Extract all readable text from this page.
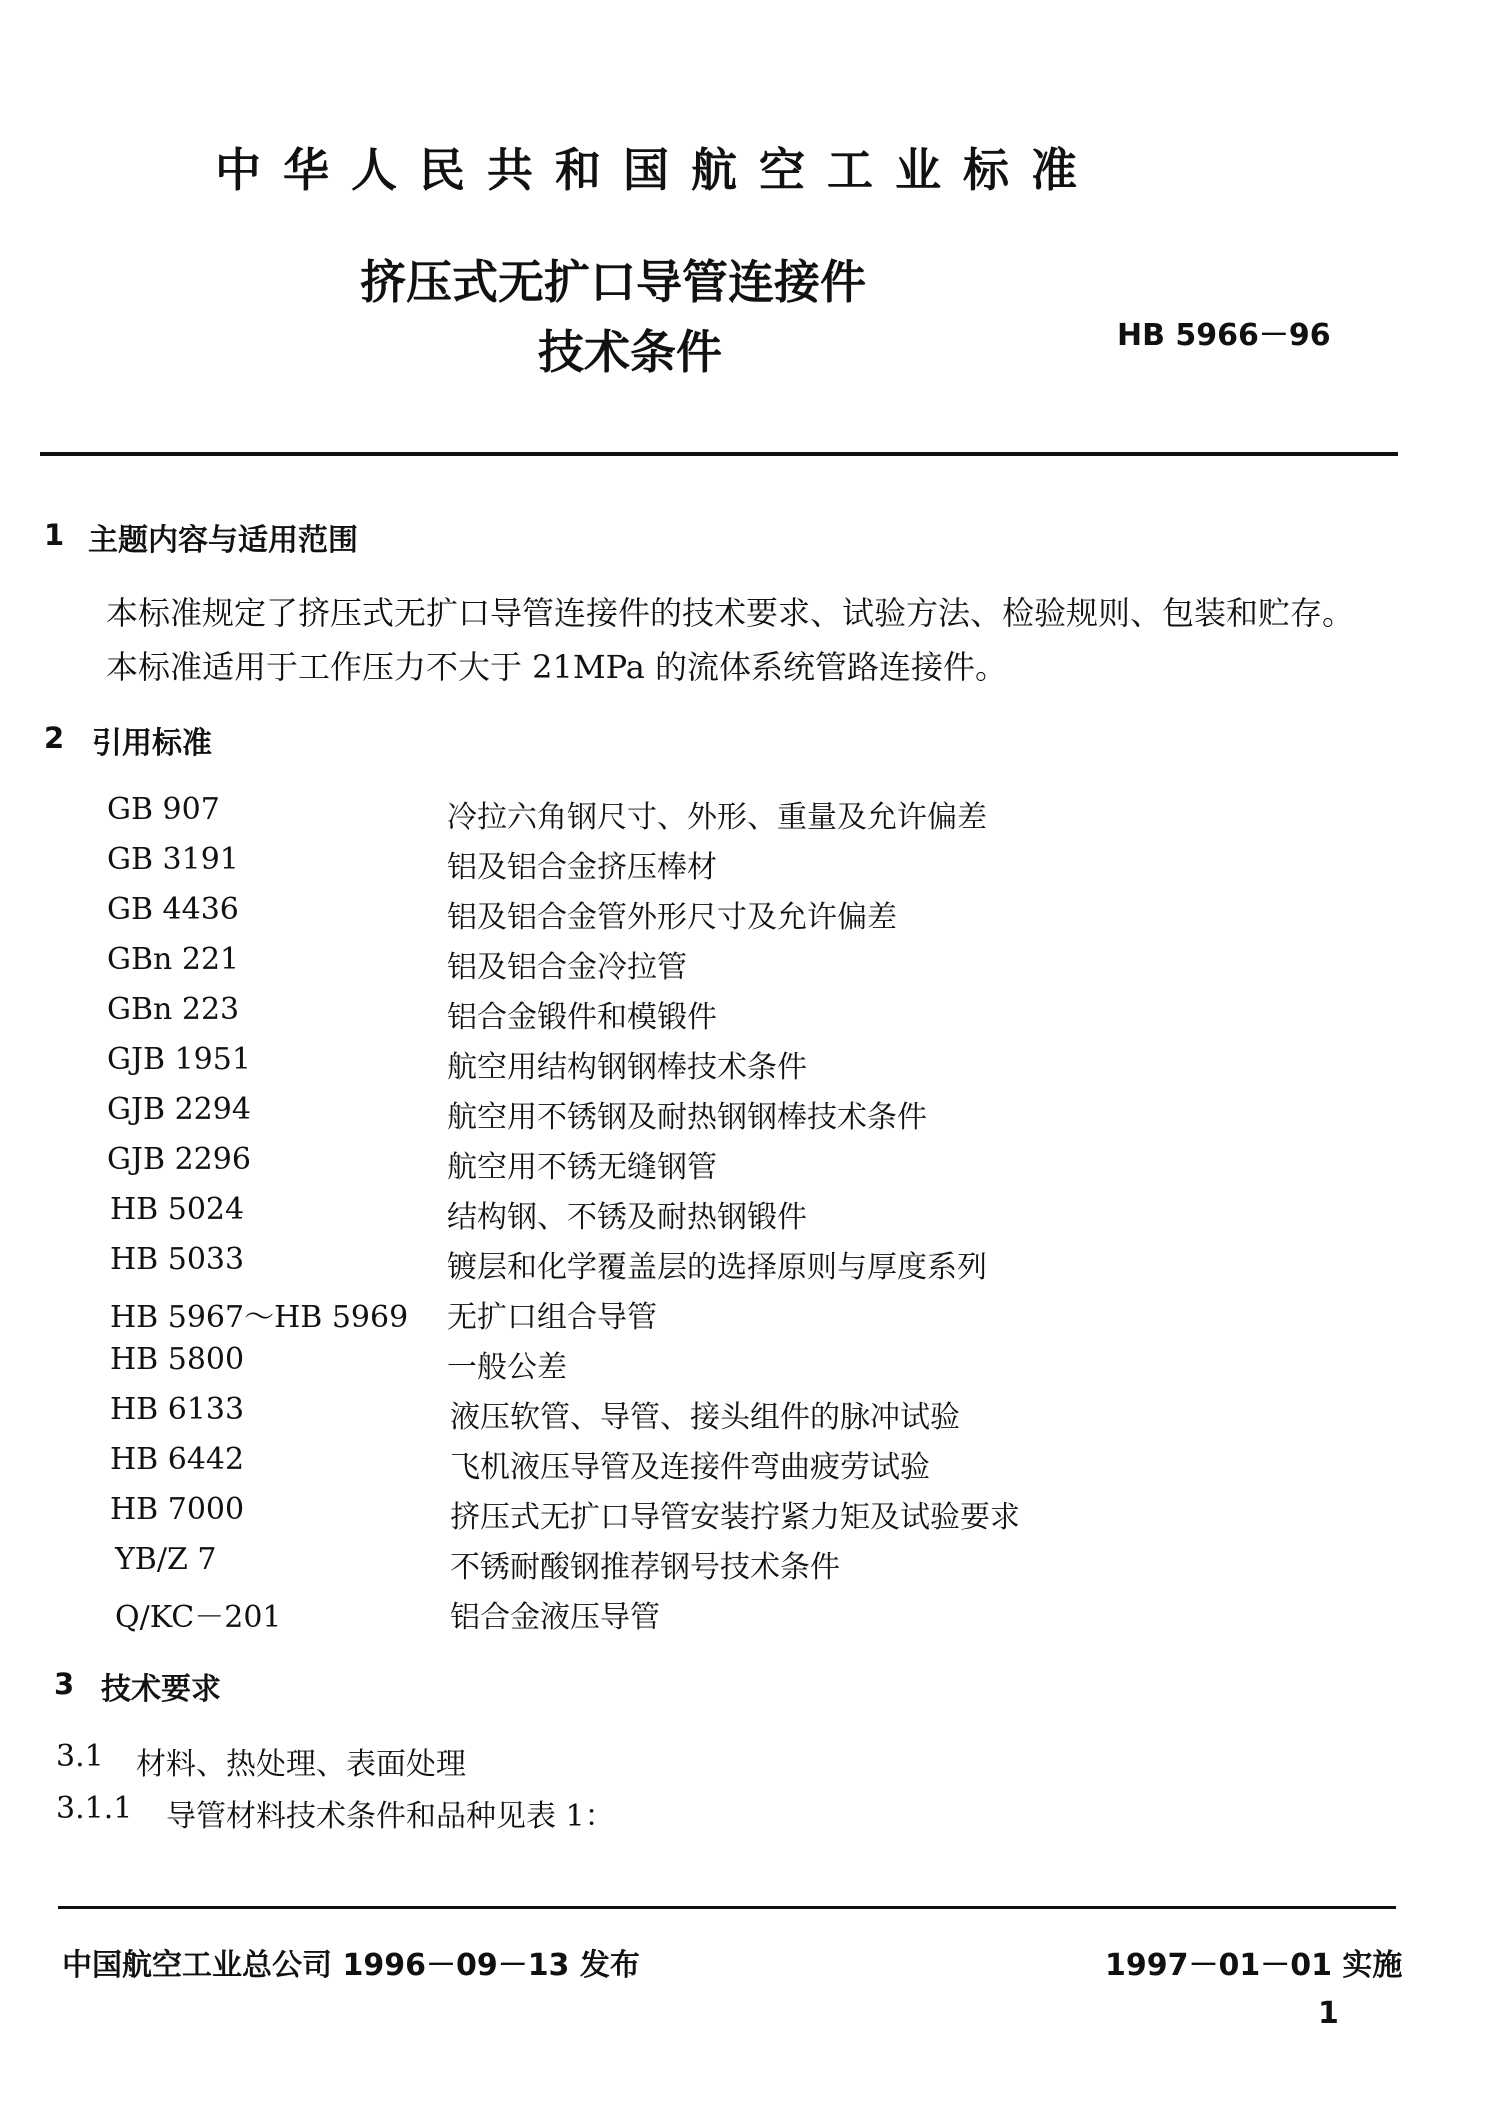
中华人民共和国航空工业标准
挤压式无扩口导管连接件
技术条件	HB 5966－96
1 主题内容与适用范围
本标准规定了挤压式无扩口导管连接件的技术要求、试验方法、检验规则、包装和贮存。
本标准适用于工作压力不大于 21MPa 的流体系统管路连接件。
2 引用标准
GB 907	冷拉六角钢尺寸、外形、重量及允许偏差
GB 3191	铝及铝合金挤压棒材
GB 4436	铝及铝合金管外形尺寸及允许偏差
GBn 221	铝及铝合金冷拉管
GBn 223	铝合金锻件和模锻件
GJB 1951	航空用结构钢钢棒技术条件
GJB 2294	航空用不锈钢及耐热钢钢棒技术条件
GJB 2296	航空用不锈无缝钢管
HB 5024	结构钢、不锈及耐热钢锻件
HB 5033	镀层和化学覆盖层的选择原则与厚度系列
HB 5967～HB 5969 无扩口组合导管
HB 5800	一般公差
HB 6133	液压软管、导管、接头组件的脉冲试验
HB 6442	飞机液压导管及连接件弯曲疲劳试验
HB 7000	挤压式无扩口导管安装拧紧力矩及试验要求
YB/Z 7	不锈耐酸钢推荐钢号技术条件
Q/KC－201	铝合金液压导管
3 技术要求
3.1 材料、热处理、表面处理
3.1.1 导管材料技术条件和品种见表 1：
中国航空工业总公司 1996－09－13 发布	1997－01－01 实施
1
